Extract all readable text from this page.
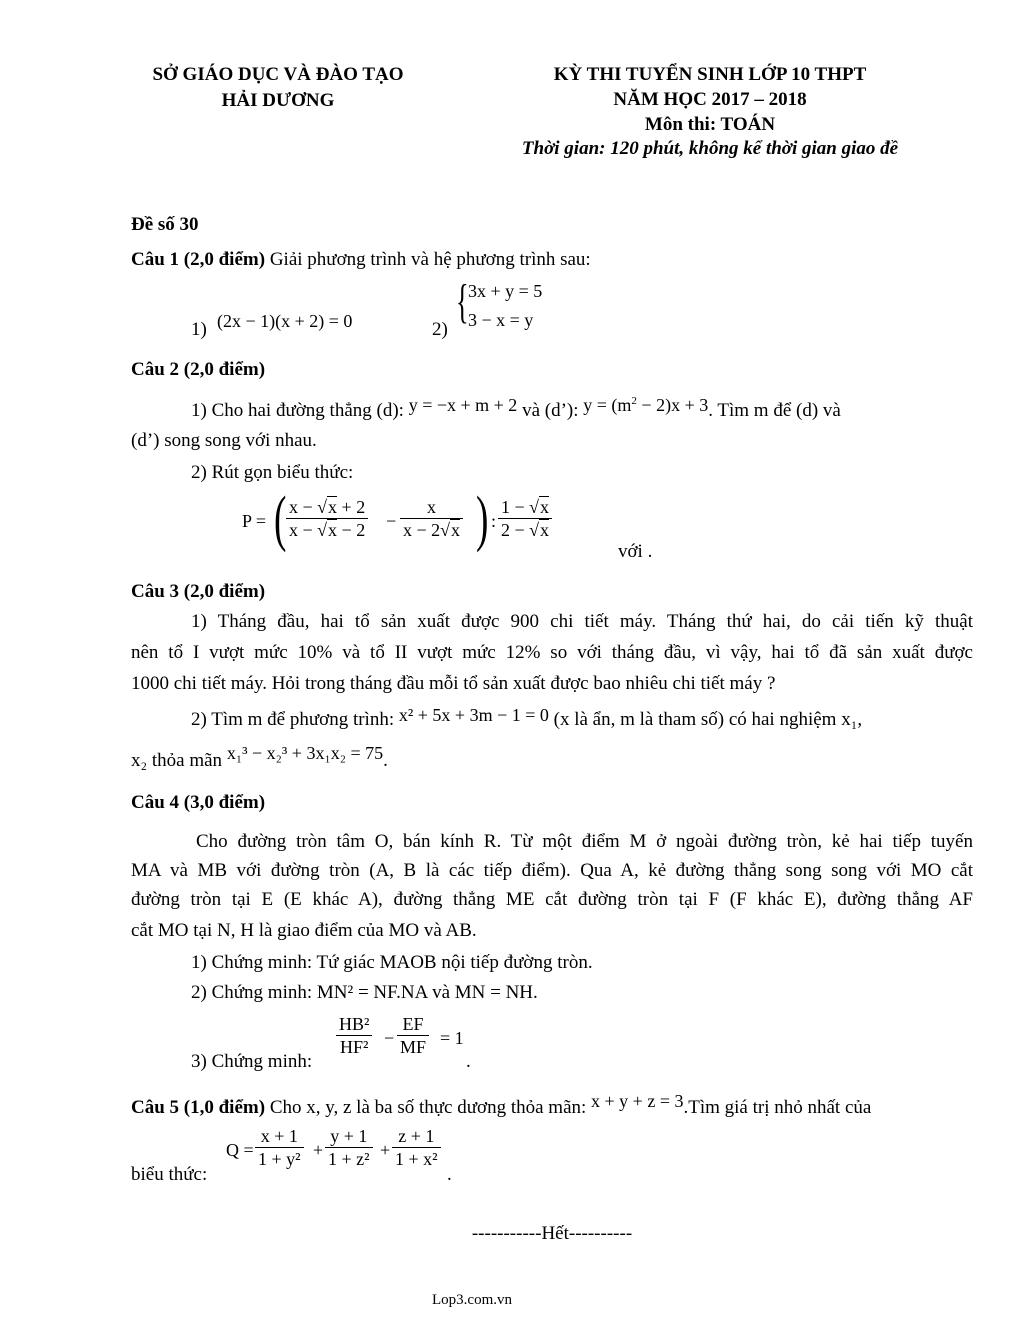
SỞ GIÁO DỤC VÀ ĐÀO TẠO
HẢI DƯƠNG
KỲ THI TUYỂN SINH LỚP 10 THPT
NĂM HỌC 2017 – 2018
Môn thi: TOÁN
Thời gian: 120 phút, không kể thời gian giao đề
Đề số 30
Câu 1 (2,0 điểm) Giải phương trình và hệ phương trình sau:
1) (2x − 1)(x + 2) = 0	2)
{ 3x + y = 5
3 − x = y
Câu 2 (2,0 điểm)
1) Cho hai đường thẳng (d): y = −x + m + 2 và (d’): $y = (m^2 - 2)x + 3$. Tìm m để (d) và
(d’) song song với nhau.
2) Rút gọn biểu thức:
P = ( $\frac{x - √x + 2}{x - √x - 2} - \frac{x}{x - 2√x}$ ) : $\frac{1 - √x}{2 - √x}$
với .
Câu 3 (2,0 điểm)
1) Tháng đầu, hai tổ sản xuất được 900 chi tiết máy. Tháng thứ hai, do cải tiến kỹ thuật
nên tổ I vượt mức 10% và tổ II vượt mức 12% so với tháng đầu, vì vậy, hai tổ đã sản xuất được
1000 chi tiết máy. Hỏi trong tháng đầu mỗi tổ sản xuất được bao nhiêu chi tiết máy ?
2) Tìm m để phương trình: x² + 5x + 3m − 1 = 0 (x là ẩn, m là tham số) có hai nghiệm x₁,
x₂ thỏa mãn x₁³ − x₂³ + 3x₁x₂ = 75.
Câu 4 (3,0 điểm)
Cho đường tròn tâm O, bán kính R. Từ một điểm M ở ngoài đường tròn, kẻ hai tiếp tuyến
MA và MB với đường tròn (A, B là các tiếp điểm). Qua A, kẻ đường thẳng song song với MO cắt
đường tròn tại E (E khác A), đường thẳng ME cắt đường tròn tại F (F khác E), đường thẳng AF
cắt MO tại N, H là giao điểm của MO và AB.
1) Chứng minh: Tứ giác MAOB nội tiếp đường tròn.
2) Chứng minh: MN² = NF.NA và MN = NH.
3) Chứng minh:
$\frac{\text{HB²}}{\text{HF²}} - \frac{EF}{MF} = 1$
.
Câu 5 (1,0 điểm) Cho x, y, z là ba số thực dương thỏa mãn: x + y + z = 3.Tìm giá trị nhỏ nhất của
biểu thức:
$Q = \frac{x + 1}{\text{1 + y²}} + \frac{y + 1}{\text{1 + z²}} + \frac{z + 1}{\text{1 + x²}}$
.
-----------Hết----------
Lop3.com.vn
